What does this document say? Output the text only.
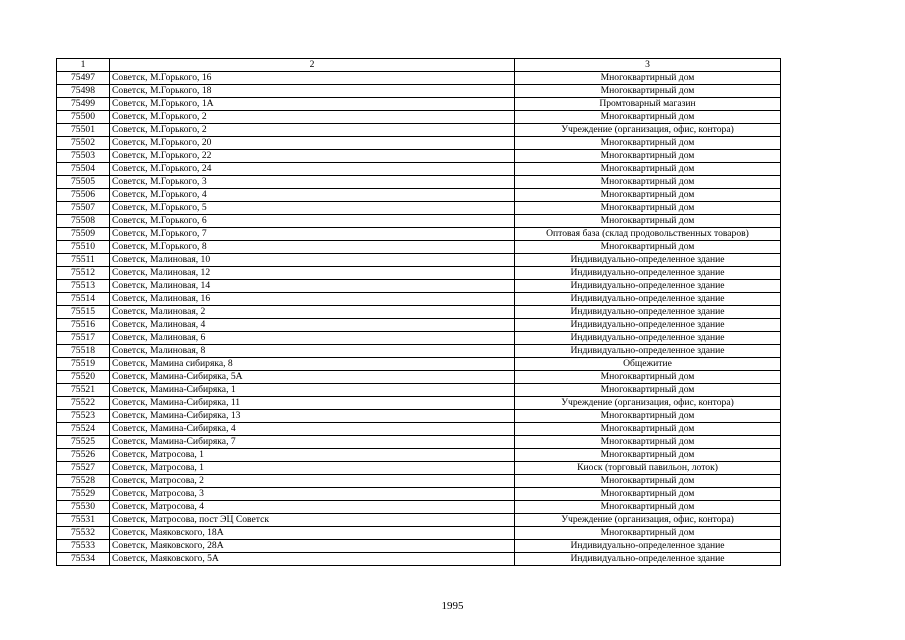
1	2	3
75497	Советск, М.Горького, 16	Многоквартирный дом
75498	Советск, М.Горького, 18	Многоквартирный дом
75499	Советск, М.Горького, 1А	Промтоварный магазин
75500	Советск, М.Горького, 2	Многоквартирный дом
75501	Советск, М.Горького, 2	Учреждение (организация, офис, контора)
75502	Советск, М.Горького, 20	Многоквартирный дом
75503	Советск, М.Горького, 22	Многоквартирный дом
75504	Советск, М.Горького, 24	Многоквартирный дом
75505	Советск, М.Горького, 3	Многоквартирный дом
75506	Советск, М.Горького, 4	Многоквартирный дом
75507	Советск, М.Горького, 5	Многоквартирный дом
75508	Советск, М.Горького, 6	Многоквартирный дом
75509	Советск, М.Горького, 7	Оптовая база (склад продовольственных товаров)
75510	Советск, М.Горького, 8	Многоквартирный дом
75511	Советск, Малиновая, 10	Индивидуально-определенное здание
75512	Советск, Малиновая, 12	Индивидуально-определенное здание
75513	Советск, Малиновая, 14	Индивидуально-определенное здание
75514	Советск, Малиновая, 16	Индивидуально-определенное здание
75515	Советск, Малиновая, 2	Индивидуально-определенное здание
75516	Советск, Малиновая, 4	Индивидуально-определенное здание
75517	Советск, Малиновая, 6	Индивидуально-определенное здание
75518	Советск, Малиновая, 8	Индивидуально-определенное здание
75519	Советск, Мамина сибиряка, 8	Общежитие
75520	Советск, Мамина-Сибиряка, 5А	Многоквартирный дом
75521	Советск, Мамина-Сибиряка, 1	Многоквартирный дом
75522	Советск, Мамина-Сибиряка, 11	Учреждение (организация, офис, контора)
75523	Советск, Мамина-Сибиряка, 13	Многоквартирный дом
75524	Советск, Мамина-Сибиряка, 4	Многоквартирный дом
75525	Советск, Мамина-Сибиряка, 7	Многоквартирный дом
75526	Советск, Матросова, 1	Многоквартирный дом
75527	Советск, Матросова, 1	Киоск (торговый павильон, лоток)
75528	Советск, Матросова, 2	Многоквартирный дом
75529	Советск, Матросова, 3	Многоквартирный дом
75530	Советск, Матросова, 4	Многоквартирный дом
75531	Советск, Матросова, пост ЭЦ Советск	Учреждение (организация, офис, контора)
75532	Советск, Маяковского, 18А	Многоквартирный дом
75533	Советск, Маяковского, 28А	Индивидуально-определенное здание
75534	Советск, Маяковского, 5А	Индивидуально-определенное здание
1995
